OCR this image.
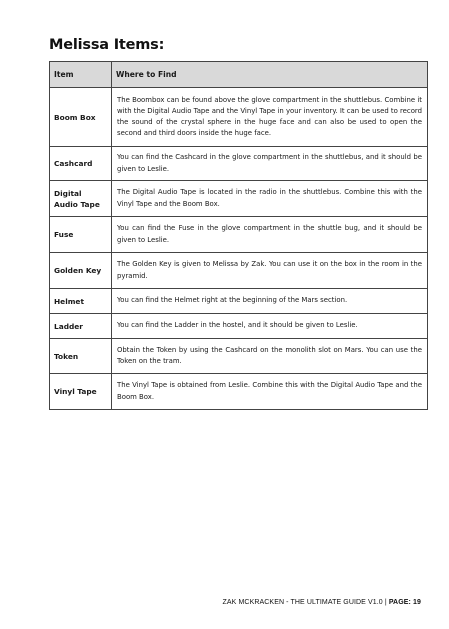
Melissa Items:
Item	Where to Find
Boom Box	The Boombox can be found above the glove compartment in the shuttlebus. Combine it with the Digital Audio Tape and the Vinyl Tape in your inventory. It can be used to record the sound of the crystal sphere in the huge face and can also be used to open the second and third doors inside the huge face.
Cashcard	You can find the Cashcard in the glove compartment in the shuttlebus, and it should be given to Leslie.
Digital Audio Tape	The Digital Audio Tape is located in the radio in the shuttlebus. Combine this with the Vinyl Tape and the Boom Box.
Fuse	You can find the Fuse in the glove compartment in the shuttle bug, and it should be given to Leslie.
Golden Key	The Golden Key is given to Melissa by Zak. You can use it on the box in the room in the pyramid.
Helmet	You can find the Helmet right at the beginning of the Mars section.
Ladder	You can find the Ladder in the hostel, and it should be given to Leslie.
Token	Obtain the Token by using the Cashcard on the monolith slot on Mars. You can use the Token on the tram.
Vinyl Tape	The Vinyl Tape is obtained from Leslie. Combine this with the Digital Audio Tape and the Boom Box.
ZAK MCKRACKEN - THE ULTIMATE GUIDE V1.0 | PAGE: 19
